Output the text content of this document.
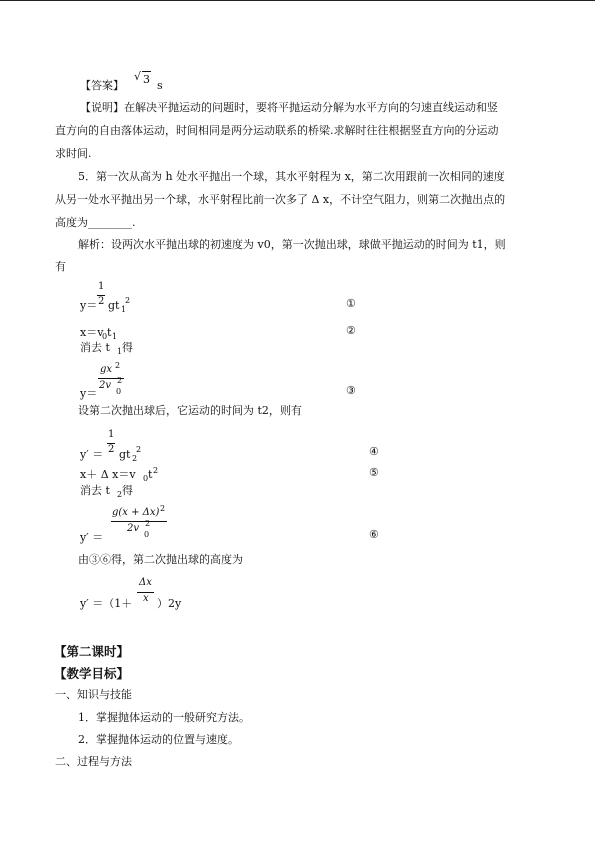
【答案】
√ 3 s
【说明】 在解决平抛运动的问题时，要将平抛运动分解为水平方向的匀速直线运动和竖
直方向的自由落体运动，时间相同是两分运动联系的桥梁.求解时往往根据竖直方向的分运动
求时间.
5．第一次从高为 h 处水平抛出一个球，其水平射程为 x，第二次用跟前一次相同的速度
从另一处水平抛出另一个球，水平射程比前一次多了 Δ x，不计空气阻力，则第二次抛出点的
高度为________.
解析：设两次水平抛出球的初速度为 v0，第一次抛出球，球做平抛运动的时间为 t1，则
有
y＝
1
2 gt 1
2	①
x＝v
0 t 1	②
消去 t 1 得
y＝
gx 2
2v
0
2
③
设第二次抛出球后，它运动的时间为 t2，则有
y′ ＝
1
2 gt 2
2	④
x＋ Δ x＝v 0 t 2	⑤
消去 t 2 得
y′ ＝
g(x + Δx) 2
2v
0
2
⑥
由③⑥得，第二次抛出球的高度为
y′ ＝（1＋
Δx
x ）2y
【第二课时】
【教学目标】
一、知识与技能
1．掌握抛体运动的一般研究方法。
2．掌握抛体运动的位置与速度。
二、过程与方法
